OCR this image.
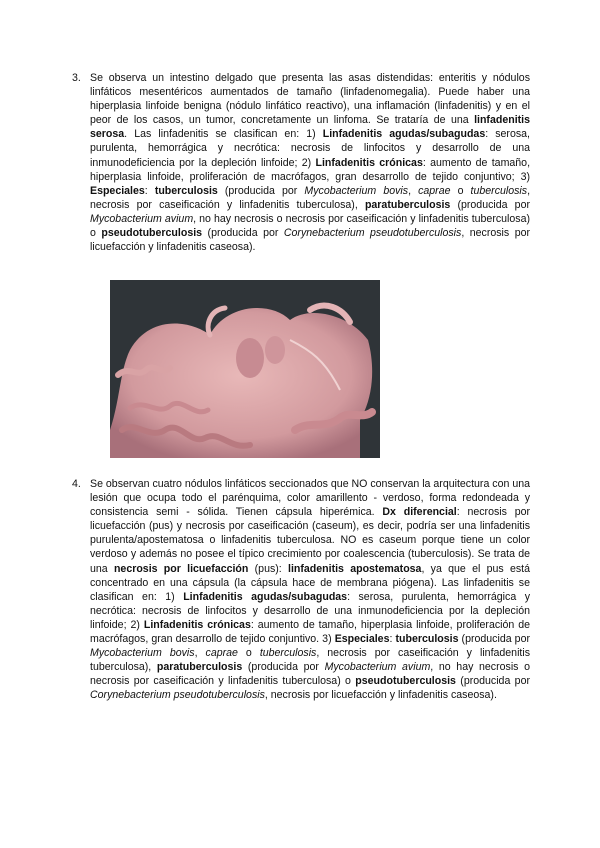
3. Se observa un intestino delgado que presenta las asas distendidas: enteritis y nódulos linfáticos mesentéricos aumentados de tamaño (linfadenomegalia). Puede haber una hiperplasia linfoide benigna (nódulo linfático reactivo), una inflamación (linfadenitis) y en el peor de los casos, un tumor, concretamente un linfoma. Se trataría de una linfadenitis serosa. Las linfadenitis se clasifican en: 1) Linfadenitis agudas/subagudas: serosa, purulenta, hemorrágica y necrótica: necrosis de linfocitos y desarrollo de una inmunodeficiencia por la depleción linfoide; 2) Linfadenitis crónicas: aumento de tamaño, hiperplasia linfoide, proliferación de macrófagos, gran desarrollo de tejido conjuntivo; 3) Especiales: tuberculosis (producida por Mycobacterium bovis, caprae o tuberculosis, necrosis por caseificación y linfadenitis tuberculosa), paratuberculosis (producida por Mycobacterium avium, no hay necrosis o necrosis por caseificación y linfadenitis tuberculosa) o pseudotuberculosis (producida por Corynebacterium pseudotuberculosis, necrosis por licuefacción y linfadenitis caseosa).

4. Se observan cuatro nódulos linfáticos seccionados que NO conservan la arquitectura con una lesión que ocupa todo el parénquima, color amarillento - verdoso, forma redondeada y consistencia semi - sólida. Tienen cápsula hiperémica. Dx diferencial: necrosis por licuefacción (pus) y necrosis por caseificación (caseum), es decir, podría ser una linfadenitis purulenta/apostematosa o linfadenitis tuberculosa. NO es caseum porque tiene un color verdoso y además no posee el típico crecimiento por coalescencia (tuberculosis). Se trata de una necrosis por licuefacción (pus): linfadenitis apostematosa, ya que el pus está concentrado en una cápsula (la cápsula hace de membrana piógena). Las linfadenitis se clasifican en: 1) Linfadenitis agudas/subagudas: serosa, purulenta, hemorrágica y necrótica: necrosis de linfocitos y desarrollo de una inmunodeficiencia por la depleción linfoide; 2) Linfadenitis crónicas: aumento de tamaño, hiperplasia linfoide, proliferación de macrófagos, gran desarrollo de tejido conjuntivo. 3) Especiales: tuberculosis (producida por Mycobacterium bovis, caprae o tuberculosis, necrosis por caseificación y linfadenitis tuberculosa), paratuberculosis (producida por Mycobacterium avium, no hay necrosis o necrosis por caseificación y linfadenitis tuberculosa) o pseudotuberculosis (producida por Corynebacterium pseudotuberculosis, necrosis por licuefacción y linfadenitis caseosa).
